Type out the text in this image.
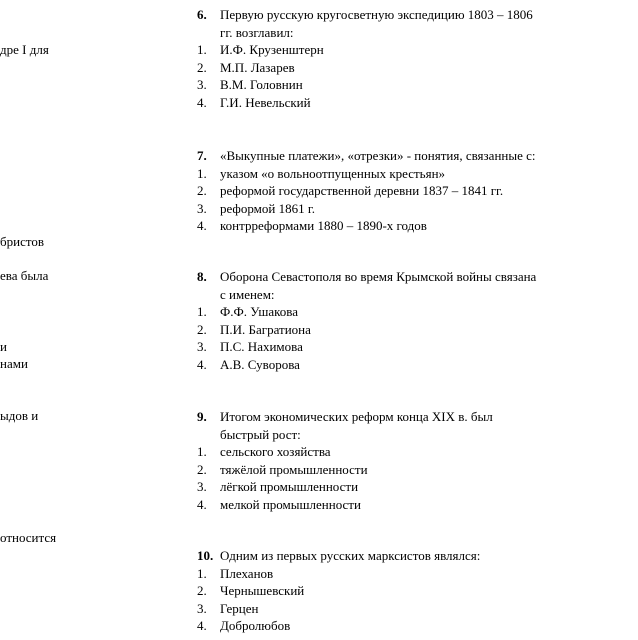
дре I для
бристов
ева была
и
нами
ыдов и
относится
6.	Первую русскую кругосветную экспедицию 1803 – 1806
гг. возглавил:
1.	И.Ф. Крузенштерн
2.	М.П. Лазарев
3.	В.М. Головнин
4.	Г.И. Невельский
7.	«Выкупные платежи», «отрезки» - понятия, связанные с:
1.	указом «о вольноотпущенных крестьян»
2.	реформой государственной деревни 1837 – 1841 гг.
3.	реформой 1861 г.
4.	контрреформами 1880 – 1890-х годов
8.	Оборона Севастополя во время Крымской войны связана
с именем:
1.	Ф.Ф. Ушакова
2.	П.И. Багратиона
3.	П.С. Нахимова
4.	А.В. Суворова
9.	Итогом экономических реформ конца XIX в. был
быстрый рост:
1.	сельского хозяйства
2.	тяжёлой промышленности
3.	лёгкой промышленности
4.	мелкой промышленности
10. Одним из первых русских марксистов являлся:
1.	Плеханов
2.	Чернышевский
3.	Герцен
4.	Добролюбов
